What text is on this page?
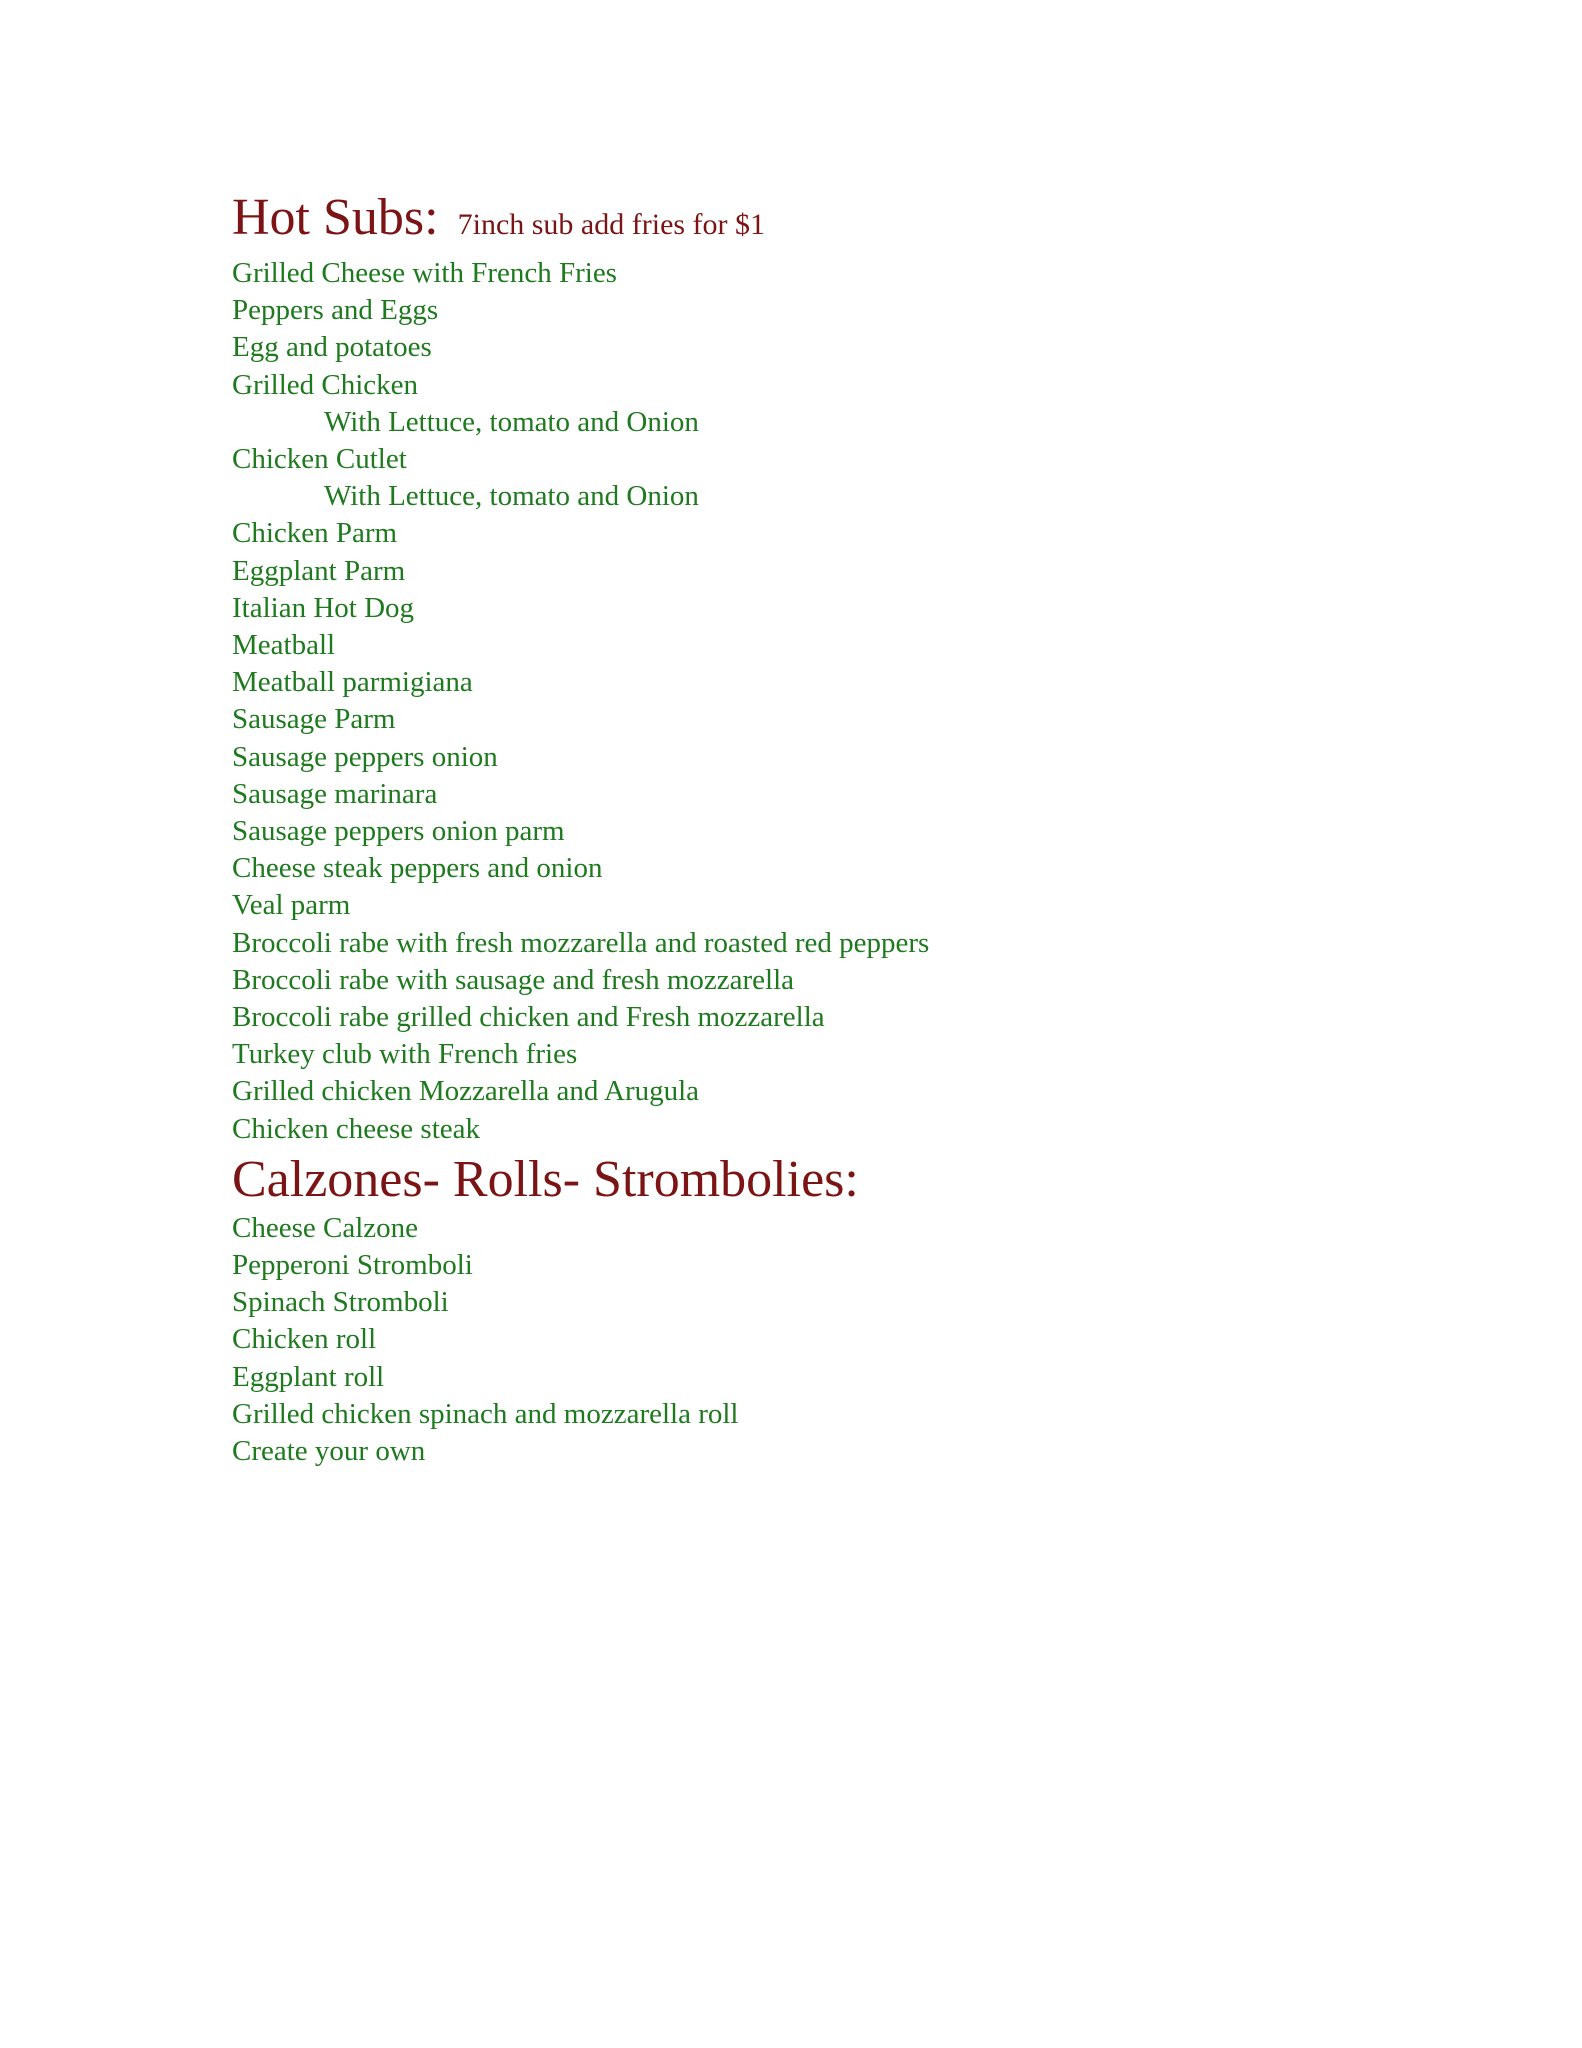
Hot Subs: 7inch sub add fries for $1
Grilled Cheese with French Fries
Peppers and Eggs
Egg and potatoes
Grilled Chicken
With Lettuce, tomato and Onion
Chicken Cutlet
With Lettuce, tomato and Onion
Chicken Parm
Eggplant Parm
Italian Hot Dog
Meatball
Meatball parmigiana
Sausage Parm
Sausage peppers onion
Sausage marinara
Sausage peppers onion parm
Cheese steak peppers and onion
Veal parm
Broccoli rabe with fresh mozzarella and roasted red peppers
Broccoli rabe with sausage and fresh mozzarella
Broccoli rabe grilled chicken and Fresh mozzarella
Turkey club with French fries
Grilled chicken Mozzarella and Arugula
Chicken cheese steak
Calzones- Rolls- Strombolies:
Cheese Calzone
Pepperoni Stromboli
Spinach Stromboli
Chicken roll
Eggplant roll
Grilled chicken spinach and mozzarella roll
Create your own
